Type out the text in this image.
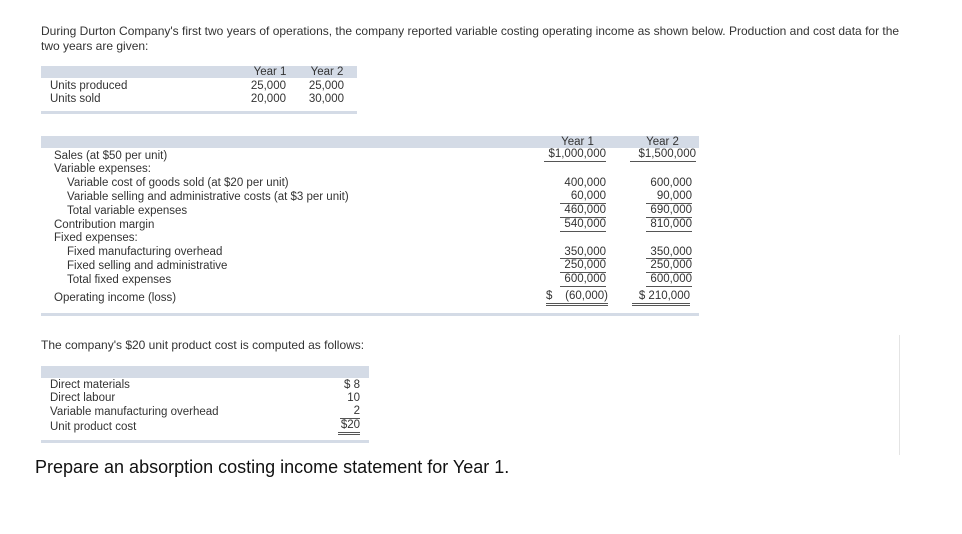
During Durton Company's first two years of operations, the company reported variable costing operating income as shown below. Production and cost data for the two years are given:
Year 1	Year 2
Units produced	25,000	25,000
Units sold	20,000	30,000
Year 1	Year 2
Sales (at $50 per unit)	$1,000,000	$1,500,000
Variable expenses:
Variable cost of goods sold (at $20 per unit)	400,000	600,000
Variable selling and administrative costs (at $3 per unit)	60,000	90,000
Total variable expenses	460,000	690,000
Contribution margin	540,000	810,000
Fixed expenses:
Fixed manufacturing overhead	350,000	350,000
Fixed selling and administrative	250,000	250,000
Total fixed expenses	600,000	600,000
Operating income (loss)	$ (60,000)	$ 210,000
The company's $20 unit product cost is computed as follows:
Direct materials	$ 8
Direct labour	10
Variable manufacturing overhead	2
Unit product cost	$20
Prepare an absorption costing income statement for Year 1.
